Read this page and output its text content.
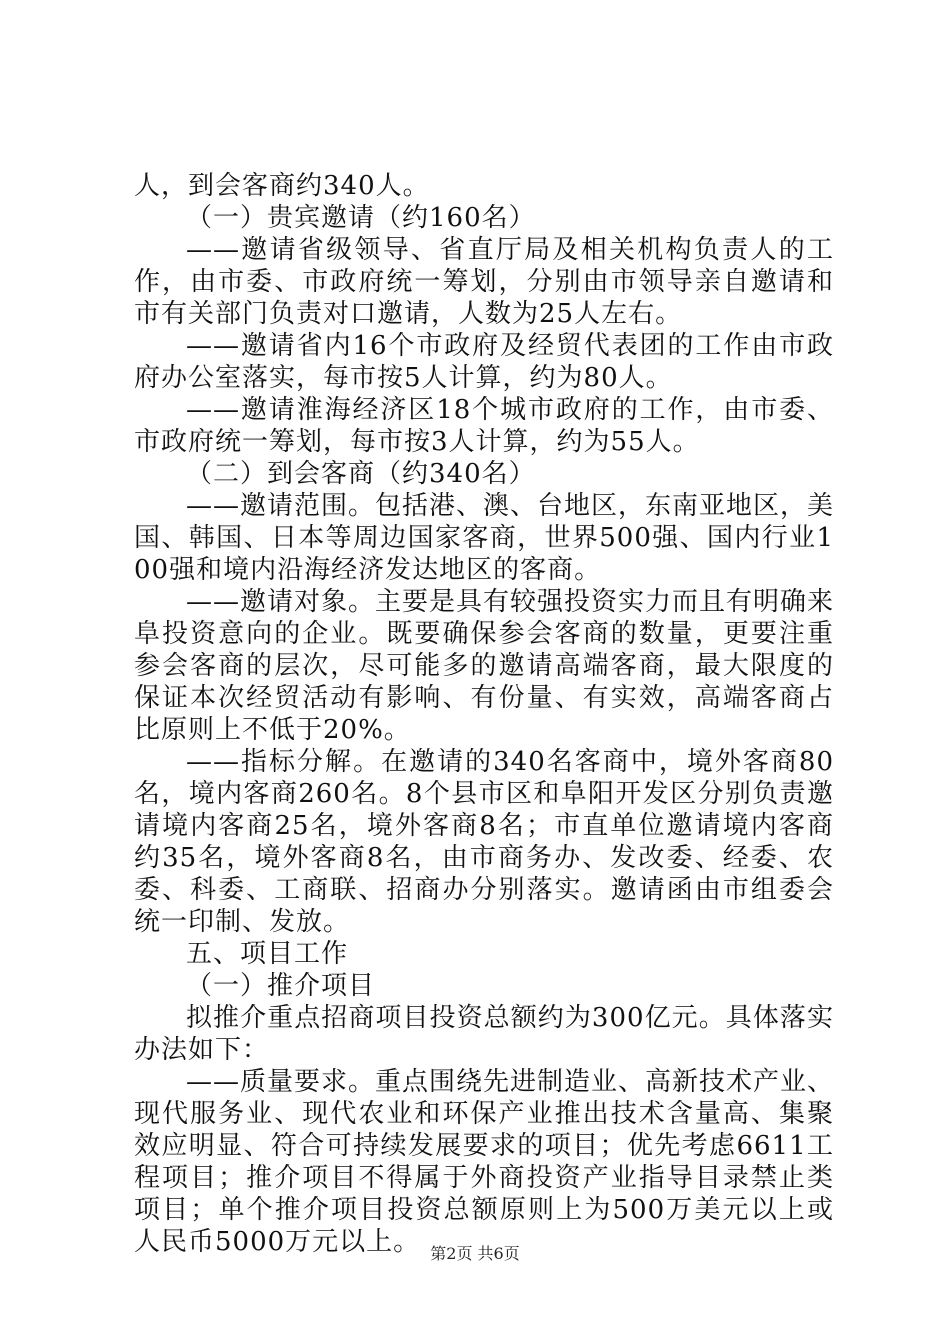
人，到会客商约340人。

（一）贵宾邀请（约160名）

——邀请省级领导、省直厅局及相关机构负责人的工作，由市委、市政府统一筹划，分别由市领导亲自邀请和市有关部门负责对口邀请，人数为25人左右。

——邀请省内16个市政府及经贸代表团的工作由市政府办公室落实，每市按5人计算，约为80人。

——邀请淮海经济区18个城市政府的工作，由市委、市政府统一筹划，每市按3人计算，约为55人。

（二）到会客商（约340名）

——邀请范围。包括港、澳、台地区，东南亚地区，美国、韩国、日本等周边国家客商，世界500强、国内行业100强和境内沿海经济发达地区的客商。

——邀请对象。主要是具有较强投资实力而且有明确来阜投资意向的企业。既要确保参会客商的数量，更要注重参会客商的层次，尽可能多的邀请高端客商，最大限度的保证本次经贸活动有影响、有份量、有实效，高端客商占比原则上不低于20%。

——指标分解。在邀请的340名客商中，境外客商80名，境内客商260名。8个县市区和阜阳开发区分别负责邀请境内客商25名，境外客商8名；市直单位邀请境内客商约35名，境外客商8名，由市商务办、发改委、经委、农委、科委、工商联、招商办分别落实。邀请函由市组委会统一印制、发放。

五、项目工作

（一）推介项目

拟推介重点招商项目投资总额约为300亿元。具体落实办法如下：

——质量要求。重点围绕先进制造业、高新技术产业、现代服务业、现代农业和环保产业推出技术含量高、集聚效应明显、符合可持续发展要求的项目；优先考虑6611工程项目；推介项目不得属于外商投资产业指导目录禁止类项目；单个推介项目投资总额原则上为500万美元以上或人民币5000万元以上。 第2页 共6页
